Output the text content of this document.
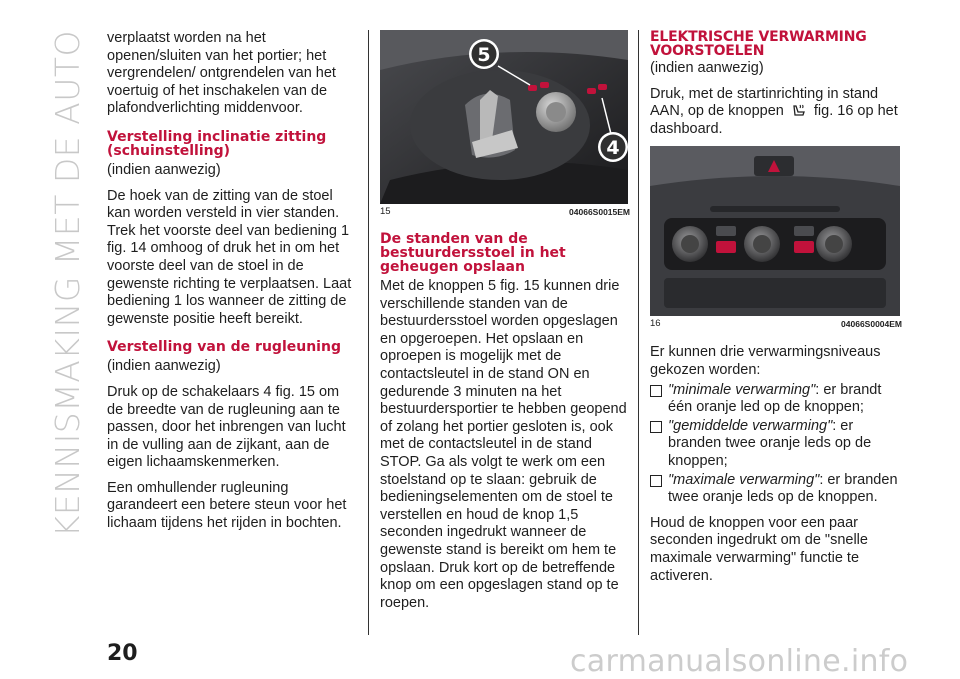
KENNISMAKING MET DE AUTO verplaatst worden na het openen/sluiten van het portier; het vergrendelen/ ontgrendelen van het voertuig of het inschakelen van de plafondverlichting middenvoor.

Verstelling inclinatie zitting (schuinstelling)

(indien aanwezig)

De hoek van de zitting van de stoel kan worden versteld in vier standen. Trek het voorste deel van bediening 1 fig. 14 omhoog of druk het in om het voorste deel van de stoel in de gewenste richting te verplaatsen. Laat bediening 1 los wanneer de zitting de gewenste positie heeft bereikt.

Verstelling van de rugleuning

(indien aanwezig)

Druk op de schakelaars 4 fig. 15 om de breedte van de rugleuning aan te passen, door het inbrengen van lucht in de vulling aan de zijkant, aan de eigen lichaamskenmerken.

Een omhullender rugleuning garandeert een betere steun voor het lichaam tijdens het rijden in bochten.

5
4
15	04066S0015EM
De standen van de bestuurdersstoel in het geheugen opslaan

Met de knoppen 5 fig. 15 kunnen drie verschillende standen van de bestuurdersstoel worden opgeslagen en opgeroepen. Het opslaan en oproepen is mogelijk met de contactsleutel in de stand ON en gedurende 3 minuten na het bestuurdersportier te hebben geopend of zolang het portier gesloten is, ook met de contactsleutel in de stand STOP. Ga als volgt te werk om een stoelstand op te slaan: gebruik de bedieningselementen om de stoel te verstellen en houd de knop 1,5 seconden ingedrukt wanneer de gewenste stand is bereikt om hem te opslaan. Druk kort op de betreffende knop om een opgeslagen stand op te roepen.

ELEKTRISCHE VERWARMING VOORSTOELEN

(indien aanwezig)

Druk, met de startinrichting in stand AAN, op de knoppen fig. 16 op het dashboard.

16	04066S0004EM

Er kunnen drie verwarmingsniveaus gekozen worden:

"minimale verwarming": er brandt één oranje led op de knoppen;
"gemiddelde verwarming": er branden twee oranje leds op de knoppen;
"maximale verwarming": er branden twee oranje leds op de knoppen.

Houd de knoppen voor een paar seconden ingedrukt om de "snelle maximale verwarming" functie te activeren.

20	carmanualsonline.info
